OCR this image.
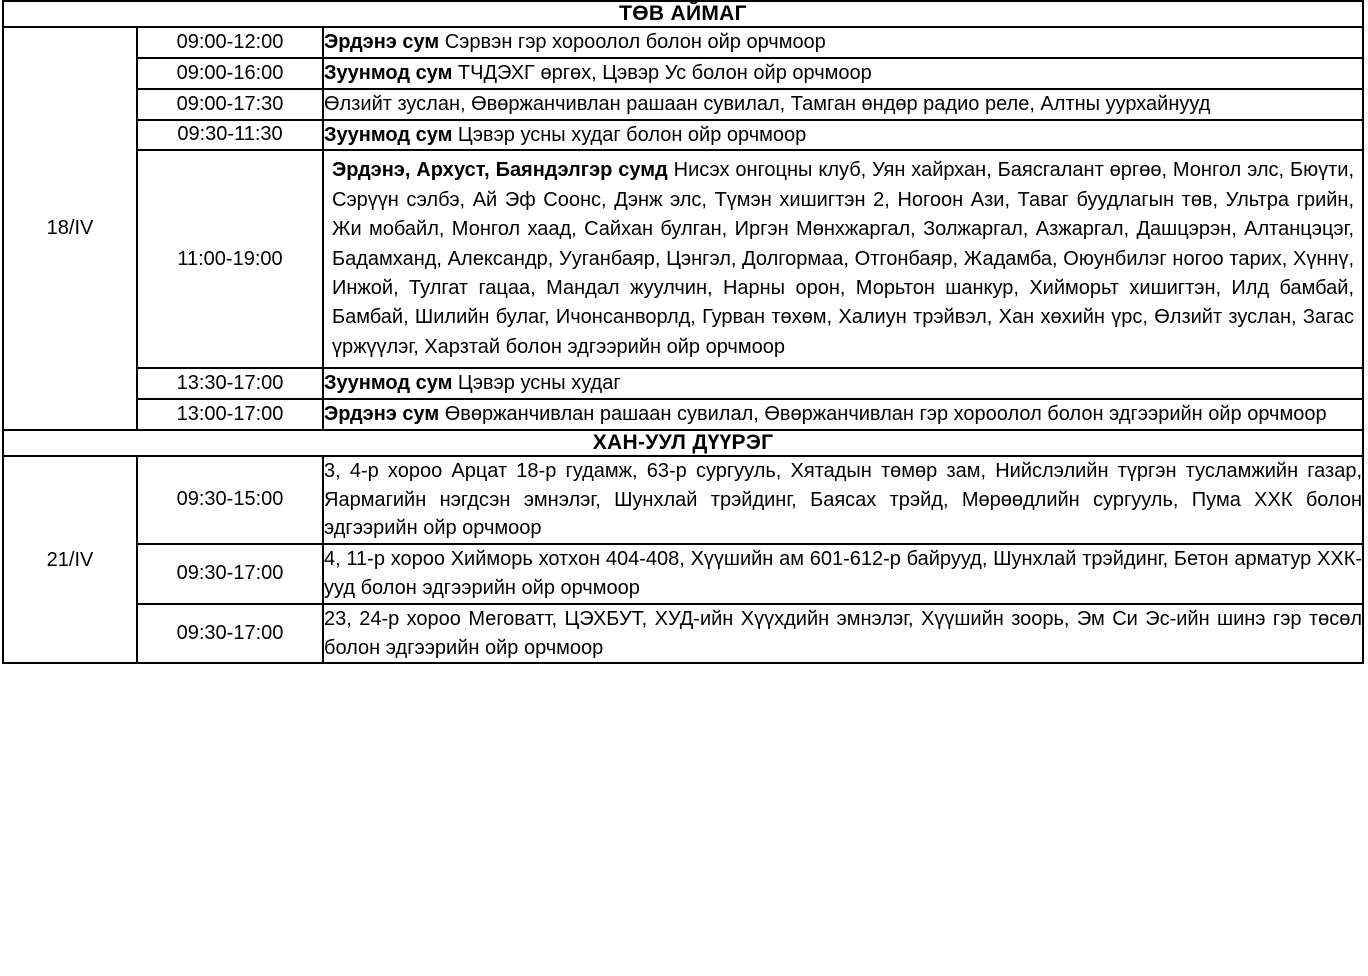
ТӨВ АЙМАГ		
18/IV	09:00-12:00	Эрдэнэ сум Сэрвэн гэр хороолол болон ойр орчмоор
	09:00-16:00	Зуунмод сум ТЧДЭХГ өргөх, Цэвэр Ус болон ойр орчмоор
	09:00-17:30	Өлзийт зуслан, Өвөржанчивлан рашаан сувилал, Тамган өндөр радио реле, Алтны уурхайнууд
	09:30-11:30	Зуунмод сум Цэвэр усны худаг болон ойр орчмоор
	11:00-19:00	Эрдэнэ, Архуст, Баяндэлгэр сумд Нисэх онгоцны клуб, Уян хайрхан, Баясгалант өргөө, Монгол элс, Бюүти, Сэрүүн сэлбэ, Ай Эф Соонс, Дэнж элс, Түмэн хишигтэн 2, Ногоон Ази, Таваг буудлагын төв, Ультра грийн, Жи мобайл, Монгол хаад, Сайхан булган, Иргэн Мөнхжаргал, Золжаргал, Азжаргал, Дашцэрэн, Алтанцэцэг, Бадамханд, Александр, Ууганбаяр, Цэнгэл, Долгормаа, Отгонбаяр, Жадамба, Оюунбилэг ногоо тарих, Хүннү, Инжой, Тулгат гацаа, Мандал жуулчин, Нарны орон, Морьтон шанкур, Хийморьт хишигтэн, Илд бамбай, Бамбай, Шилийн булаг, Ичонсанворлд, Гурван төхөм, Халиун трэйвэл, Хан хөхийн үрс, Өлзийт зуслан, Загас үржүүлэг, Харзтай болон эдгээрийн ойр орчмоор
	13:30-17:00	Зуунмод сум Цэвэр усны худаг
	13:00-17:00	Эрдэнэ сум Өвөржанчивлан рашаан сувилал, Өвөржанчивлан гэр хороолол болон эдгээрийн ойр орчмоор
ХАН-УУЛ ДҮҮРЭГ		
21/IV	09:30-15:00	3, 4-р хороо Арцат 18-р гудамж, 63-р сургууль, Хятадын төмөр зам, Нийслэлийн түргэн тусламжийн газар, Яармагийн нэгдсэн эмнэлэг, Шунхлай трэйдинг, Баясах трэйд, Мөрөөдлийн сургууль, Пума ХХК болон эдгээрийн ойр орчмоор
	09:30-17:00	4, 11-р хороо Хийморь хотхон 404-408, Хүүшийн ам 601-612-р байрууд, Шунхлай трэйдинг, Бетон арматур ХХК-ууд болон эдгээрийн ойр орчмоор
	09:30-17:00	23, 24-р хороо Меговатт, ЦЭХБУТ, ХУД-ийн Хүүхдийн эмнэлэг, Хүүшийн зоорь, Эм Си Эс-ийн шинэ гэр төсөл болон эдгээрийн ойр орчмоор
